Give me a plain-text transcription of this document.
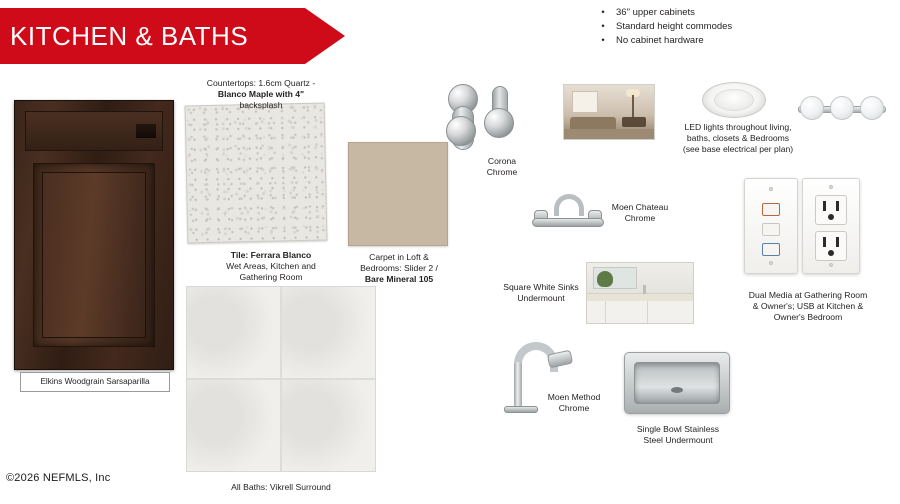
KITCHEN & BATHS
• 36" upper cabinets
• Standard height commodes
• No cabinet hardware
Elkins Woodgrain Sarsaparilla
Countertops: 1.6cm Quartz -
Blanco Maple with 4"
backsplash
Tile: Ferrara Blanco
Wet Areas, Kitchen and
Gathering Room
Carpet in Loft &
Bedrooms: Slider 2 /
Bare Mineral 105
All Baths: Vikrell Surround
Corona
Chrome
LED lights throughout living,
baths, closets & Bedrooms
(see base electrical per plan)
Moen Chateau
Chrome
Square White Sinks
Undermount
Moen Method
Chrome
Single Bowl Stainless
Steel Undermount
Dual Media at Gathering Room
& Owner's; USB at Kitchen &
Owner's Bedroom
©2026 NEFMLS, Inc
